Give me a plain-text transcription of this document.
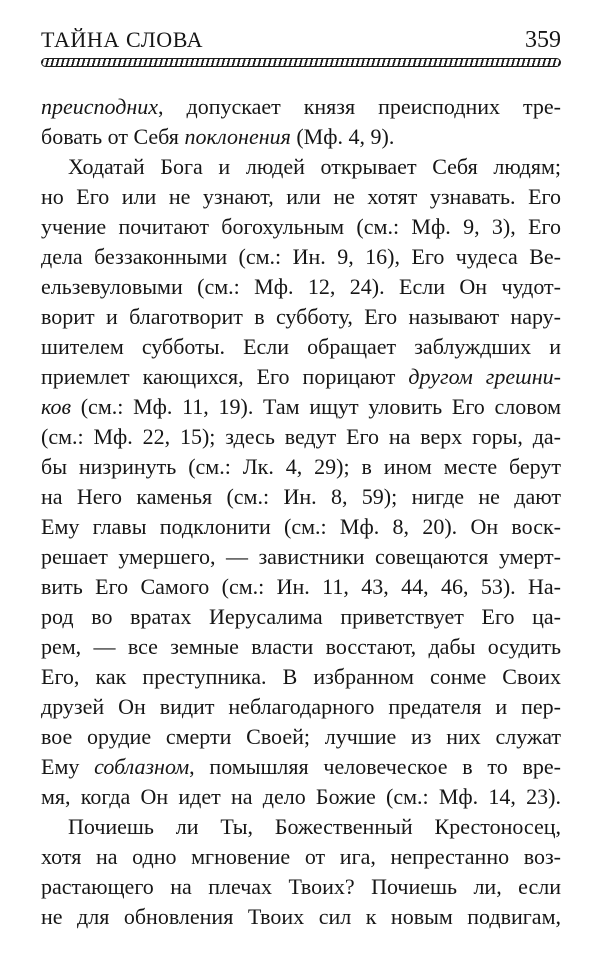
ТАЙНА СЛОВА	359
преисподних, допускает князя преисподних тре-
бовать от Себя поклонения (Мф. 4, 9).
Ходатай Бога и людей открывает Себя людям;
но Его или не узнают, или не хотят узнавать. Его
учение почитают богохульным (см.: Мф. 9, 3), Его
дела беззаконными (см.: Ин. 9, 16), Его чудеса Ве-
ельзевуловыми (см.: Мф. 12, 24). Если Он чудот-
ворит и благотворит в субботу, Его называют нару-
шителем субботы. Если обращает заблуждших и
приемлет кающихся, Его порицают другом грешни-
ков (см.: Мф. 11, 19). Там ищут уловить Его словом
(см.: Мф. 22, 15); здесь ведут Его на верх горы, да-
бы низринуть (см.: Лк. 4, 29); в ином месте берут
на Него каменья (см.: Ин. 8, 59); нигде не дают
Ему главы подклонити (см.: Мф. 8, 20). Он воск-
решает умершего, — завистники совещаются умерт-
вить Его Самого (см.: Ин. 11, 43, 44, 46, 53). На-
род во вратах Иерусалима приветствует Его ца-
рем, — все земные власти восстают, дабы осудить
Его, как преступника. В избранном сонме Своих
друзей Он видит неблагодарного предателя и пер-
вое орудие смерти Своей; лучшие из них служат
Ему соблазном, помышляя человеческое в то вре-
мя, когда Он идет на дело Божие (см.: Мф. 14, 23).
Почиешь ли Ты, Божественный Крестоносец,
хотя на одно мгновение от ига, непрестанно воз-
растающего на плечах Твоих? Почиешь ли, если
не для обновления Твоих сил к новым подвигам,
